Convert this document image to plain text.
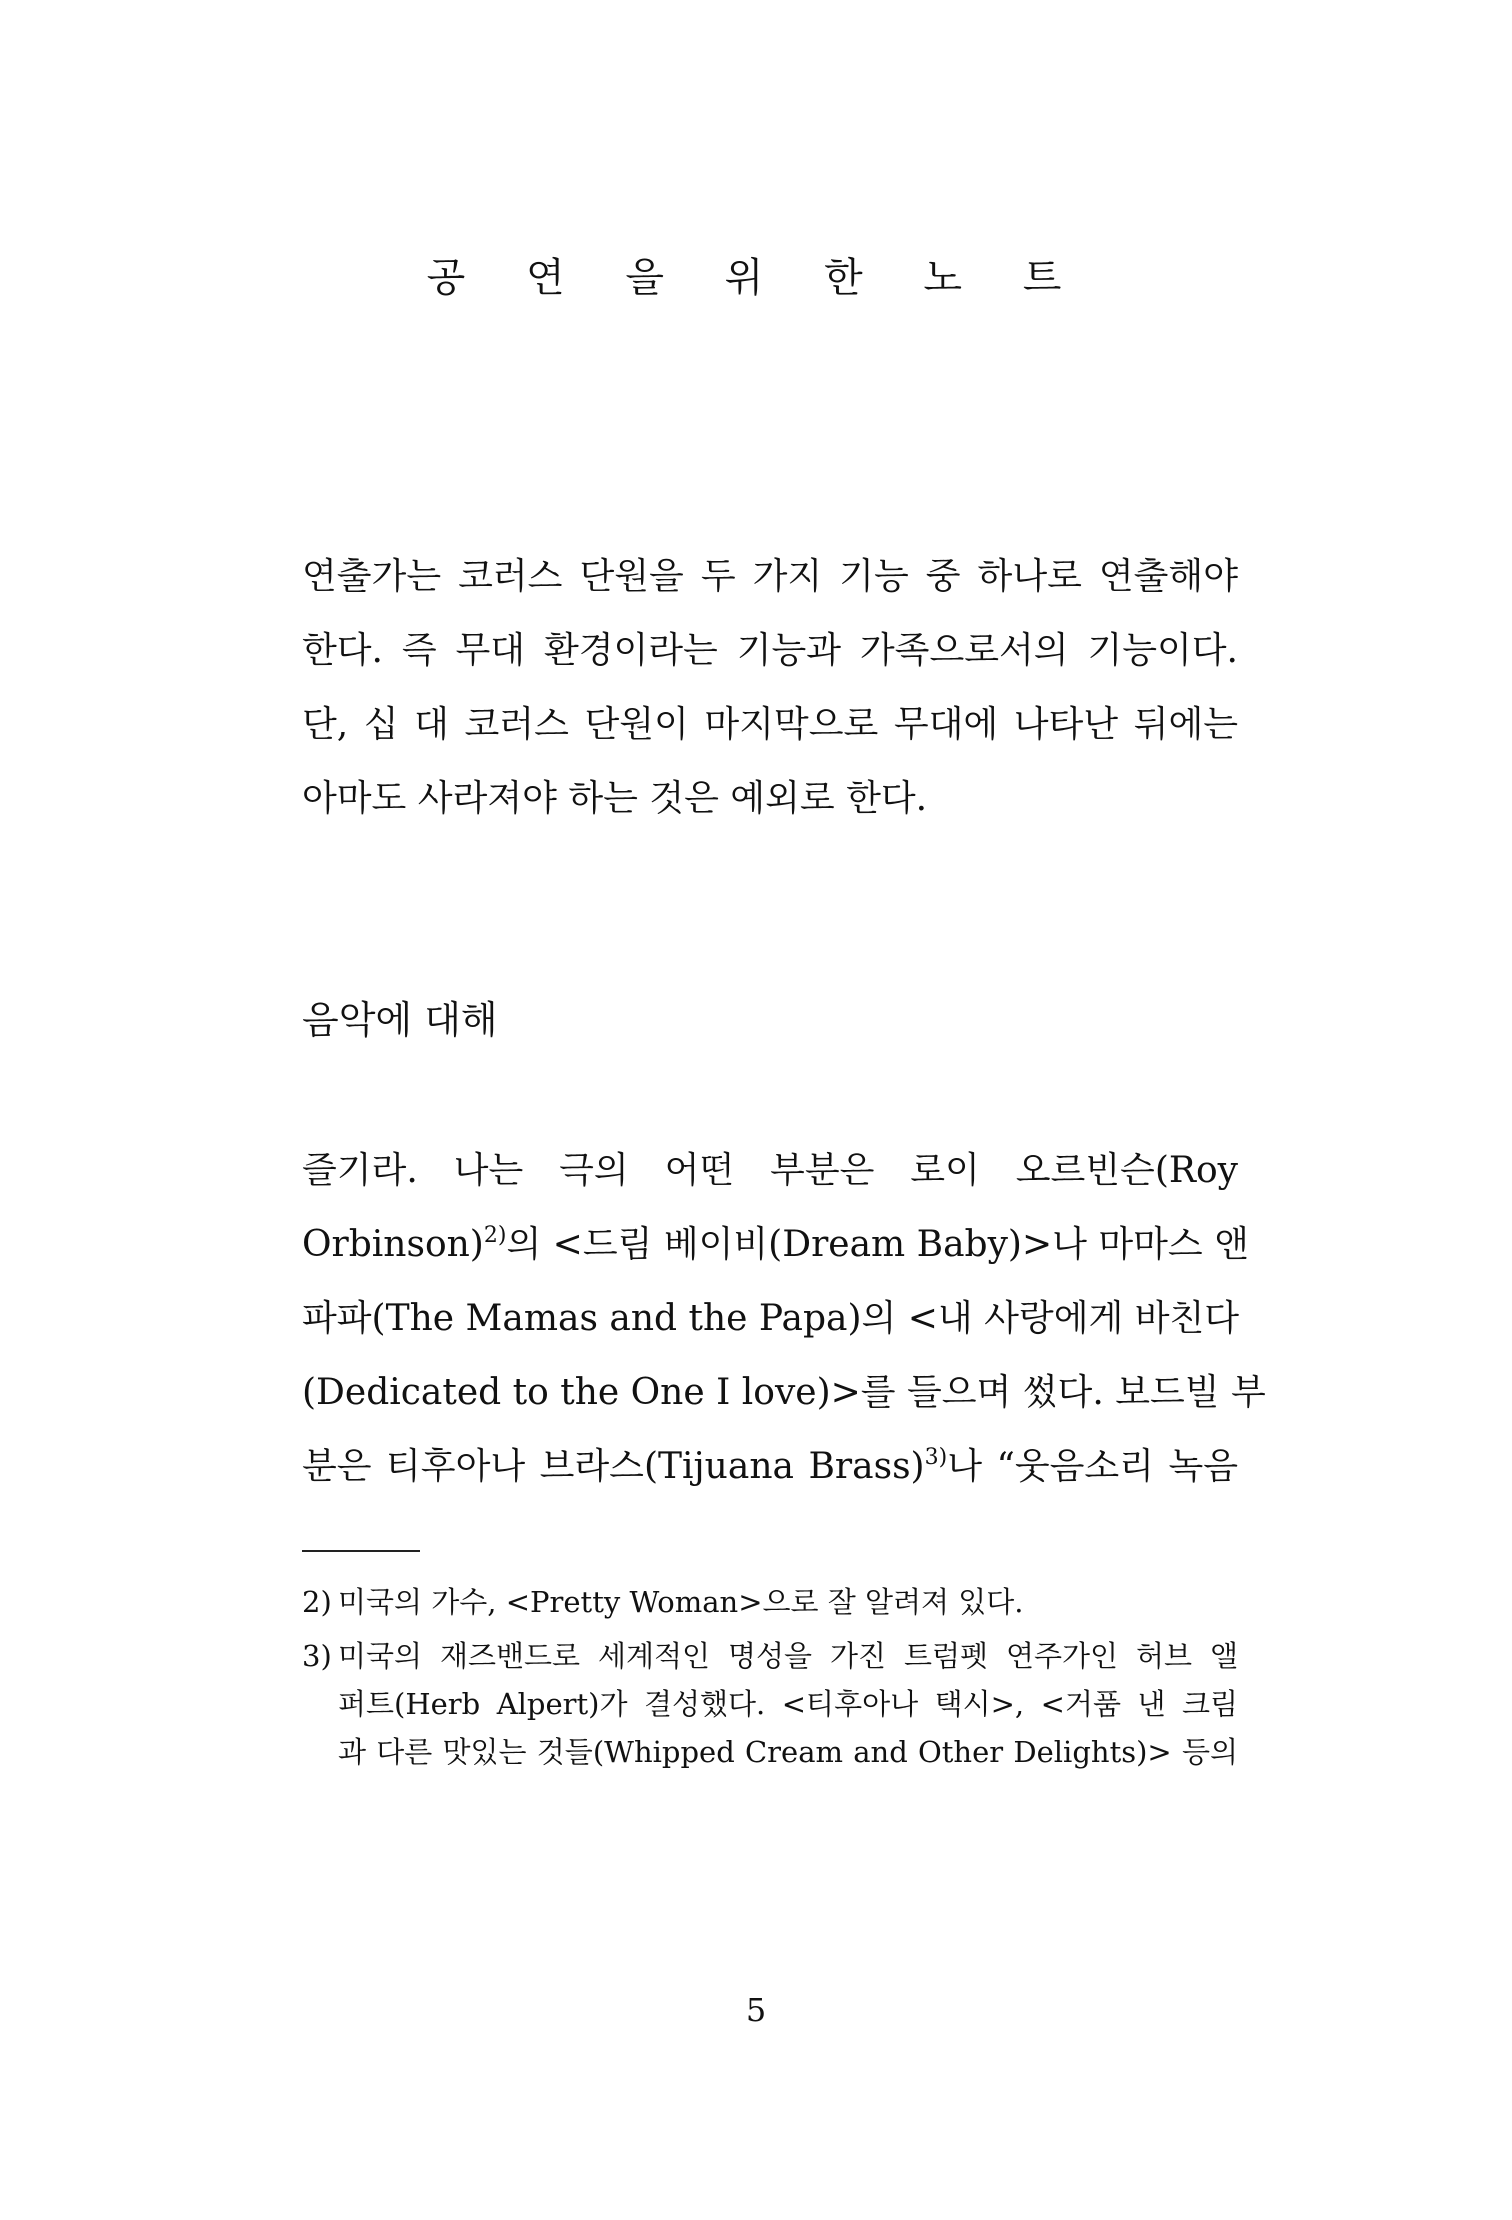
공 연 을 위 한 노 트

연출가는 코러스 단원을 두 가지 기능 중 하나로 연출해야
한다. 즉 무대 환경이라는 기능과 가족으로서의 기능이다.
단, 십 대 코러스 단원이 마지막으로 무대에 나타난 뒤에는
아마도 사라져야 하는 것은 예외로 한다.

음악에 대해

즐기라. 나는 극의 어떤 부분은 로이 오르빈슨(Roy
Orbinson)$^{2)}$의 <드림 베이비(Dream Baby)>나 마마스 앤
파파(The Mamas and the Papa)의 <내 사랑에게 바친다
(Dedicated to the One I love)>를 들으며 썼다. 보드빌 부
분은 티후아나 브라스(Tijuana Brass)$^{3)}$나 “웃음소리 녹음

2) 미국의 가수, <Pretty Woman>으로 잘 알려져 있다.
3) 미국의 재즈밴드로 세계적인 명성을 가진 트럼펫 연주가인 허브 앨
퍼트(Herb Alpert)가 결성했다. <티후아나 택시>, <거품 낸 크림
과 다른 맛있는 것들(Whipped Cream and Other Delights)> 등의
5
